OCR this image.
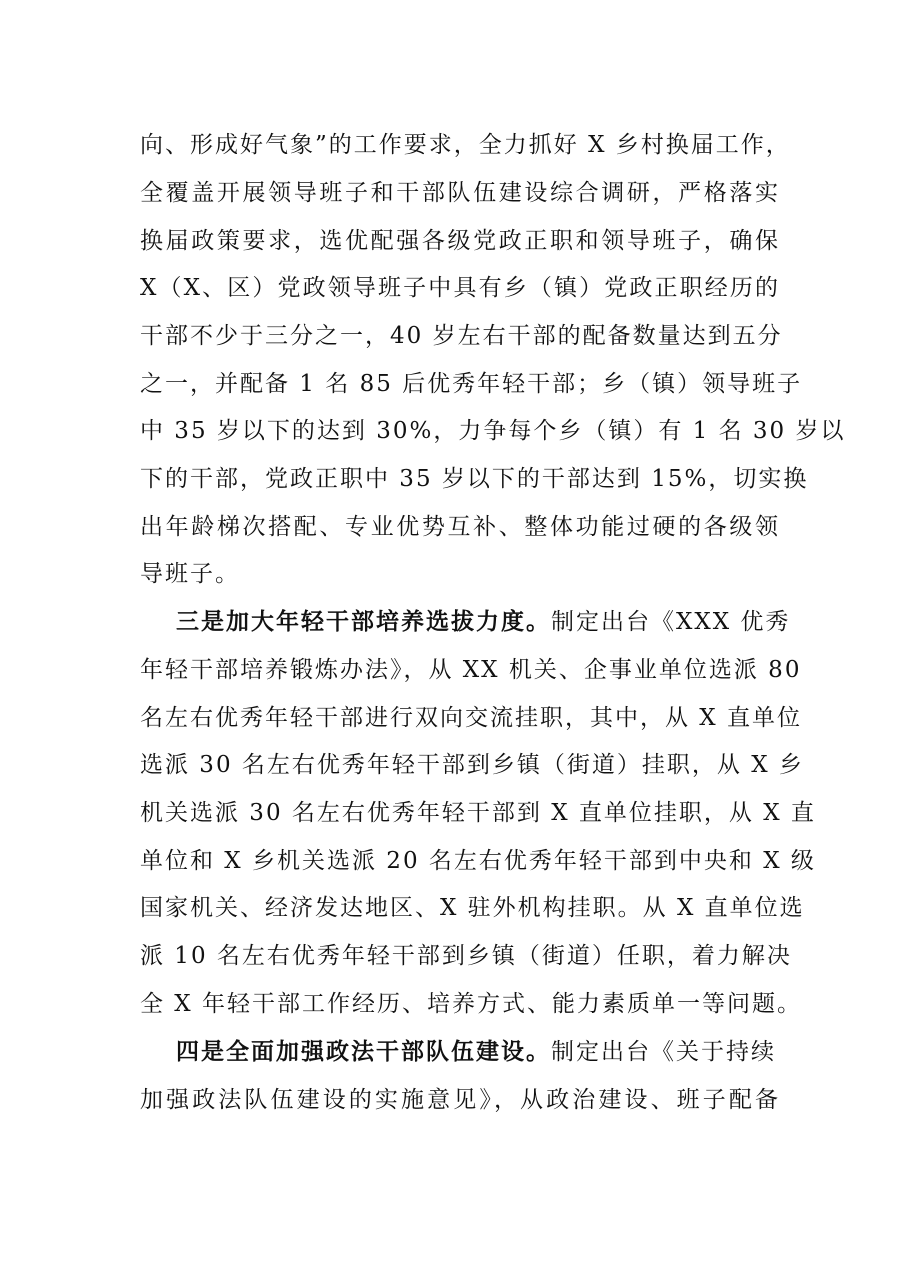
向、形成好气象”的工作要求，全力抓好 X 乡村换届工作，
全覆盖开展领导班子和干部队伍建设综合调研，严格落实
换届政策要求，选优配强各级党政正职和领导班子，确保
X（X、区）党政领导班子中具有乡（镇）党政正职经历的
干部不少于三分之一，40 岁左右干部的配备数量达到五分
之一，并配备 1 名 85 后优秀年轻干部；乡（镇）领导班子
中 35 岁以下的达到 30%，力争每个乡（镇）有 1 名 30 岁以
下的干部，党政正职中 35 岁以下的干部达到 15%，切实换
出年龄梯次搭配、专业优势互补、整体功能过硬的各级领
导班子。
三是加大年轻干部培养选拔力度。制定出台《XXX 优秀
年轻干部培养锻炼办法》，从 XX 机关、企事业单位选派 80
名左右优秀年轻干部进行双向交流挂职，其中，从 X 直单位
选派 30 名左右优秀年轻干部到乡镇（街道）挂职，从 X 乡
机关选派 30 名左右优秀年轻干部到 X 直单位挂职，从 X 直
单位和 X 乡机关选派 20 名左右优秀年轻干部到中央和 X 级
国家机关、经济发达地区、X 驻外机构挂职。从 X 直单位选
派 10 名左右优秀年轻干部到乡镇（街道）任职，着力解决
全 X 年轻干部工作经历、培养方式、能力素质单一等问题。
四是全面加强政法干部队伍建设。制定出台《关于持续
加强政法队伍建设的实施意见》，从政治建设、班子配备
